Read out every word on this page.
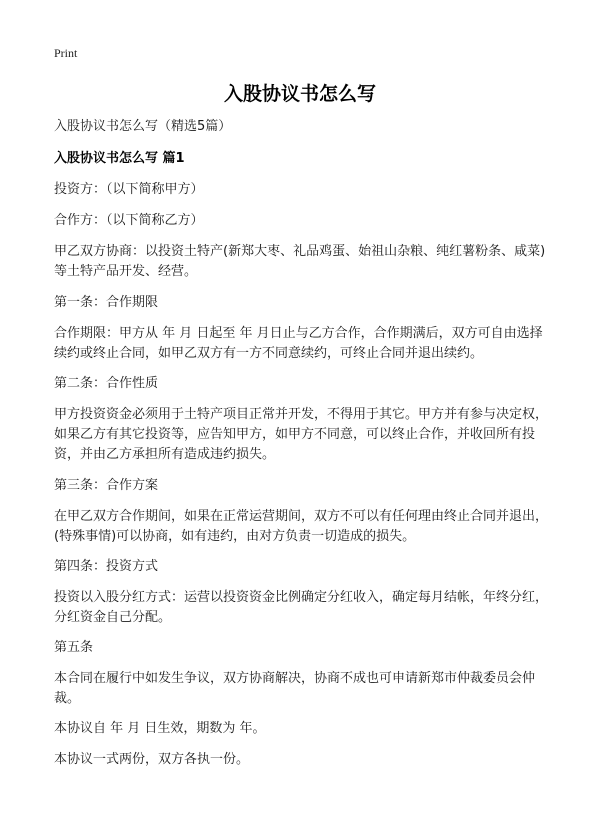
Print
入股协议书怎么写

入股协议书怎么写（精选5篇）

入股协议书怎么写 篇1

投资方：（以下简称甲方）

合作方：（以下简称乙方）

甲乙双方协商：以投资土特产(新郑大枣、礼品鸡蛋、始祖山杂粮、纯红薯粉条、咸菜)等土特产品开发、经营。

第一条：合作期限

合作期限：甲方从 年 月 日起至 年 月日止与乙方合作，合作期满后，双方可自由选择续约或终止合同，如甲乙双方有一方不同意续约，可终止合同并退出续约。

第二条：合作性质

甲方投资资金必须用于土特产项目正常并开发，不得用于其它。甲方并有参与决定权，如果乙方有其它投资等，应告知甲方，如甲方不同意，可以终止合作，并收回所有投资，并由乙方承担所有造成违约损失。

第三条：合作方案

在甲乙双方合作期间，如果在正常运营期间，双方不可以有任何理由终止合同并退出，(特殊事情)可以协商，如有违约，由对方负责一切造成的损失。

第四条：投资方式

投资以入股分红方式：运营以投资资金比例确定分红收入，确定每月结帐，年终分红，分红资金自己分配。

第五条

本合同在履行中如发生争议，双方协商解决，协商不成也可申请新郑市仲裁委员会仲裁。

本协议自 年 月 日生效，期数为 年。

本协议一式两份，双方各执一份。
